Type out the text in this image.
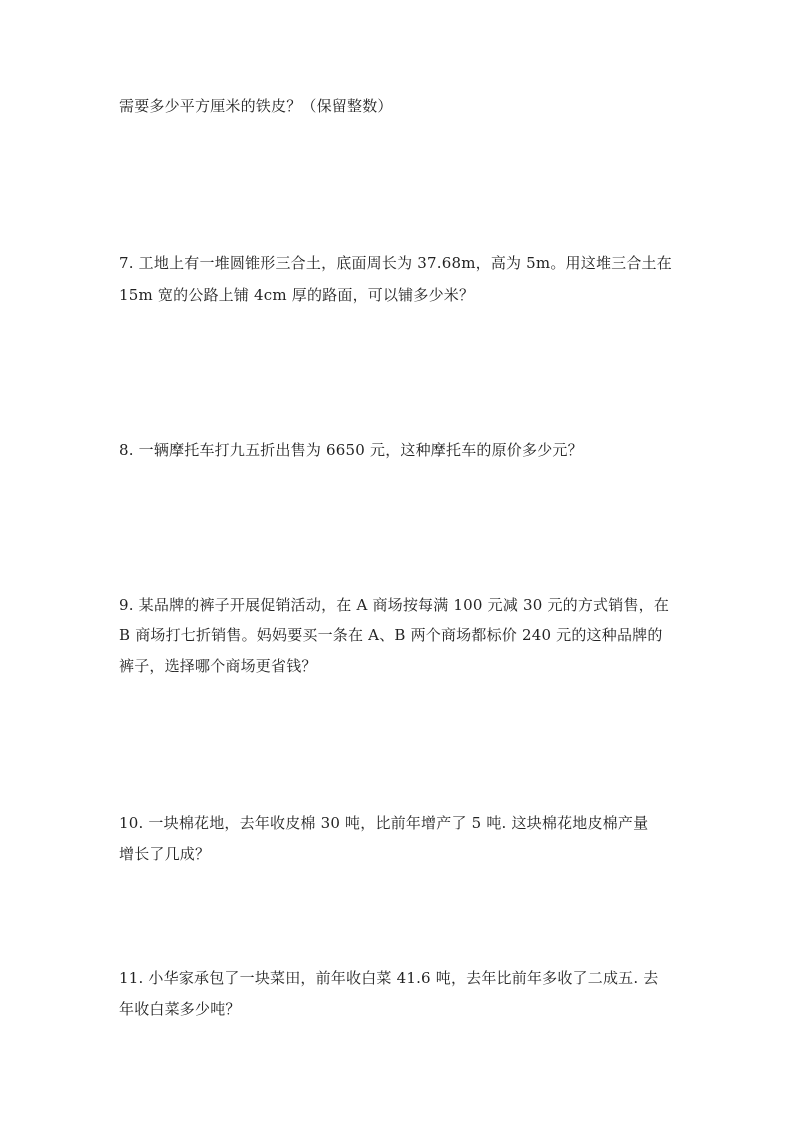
需要多少平方厘米的铁皮？（保留整数）
7. 工地上有一堆圆锥形三合土，底面周长为 37.68m，高为 5m。用这堆三合土在
15m 宽的公路上铺 4cm 厚的路面，可以铺多少米？
8. 一辆摩托车打九五折出售为 6650 元，这种摩托车的原价多少元？
9. 某品牌的裤子开展促销活动，在 A 商场按每满 100 元减 30 元的方式销售，在
B 商场打七折销售。妈妈要买一条在 A、B 两个商场都标价 240 元的这种品牌的
裤子，选择哪个商场更省钱？
10. 一块棉花地，去年收皮棉 30 吨，比前年增产了 5 吨. 这块棉花地皮棉产量
增长了几成？
11. 小华家承包了一块菜田，前年收白菜 41.6 吨，去年比前年多收了二成五. 去
年收白菜多少吨？
